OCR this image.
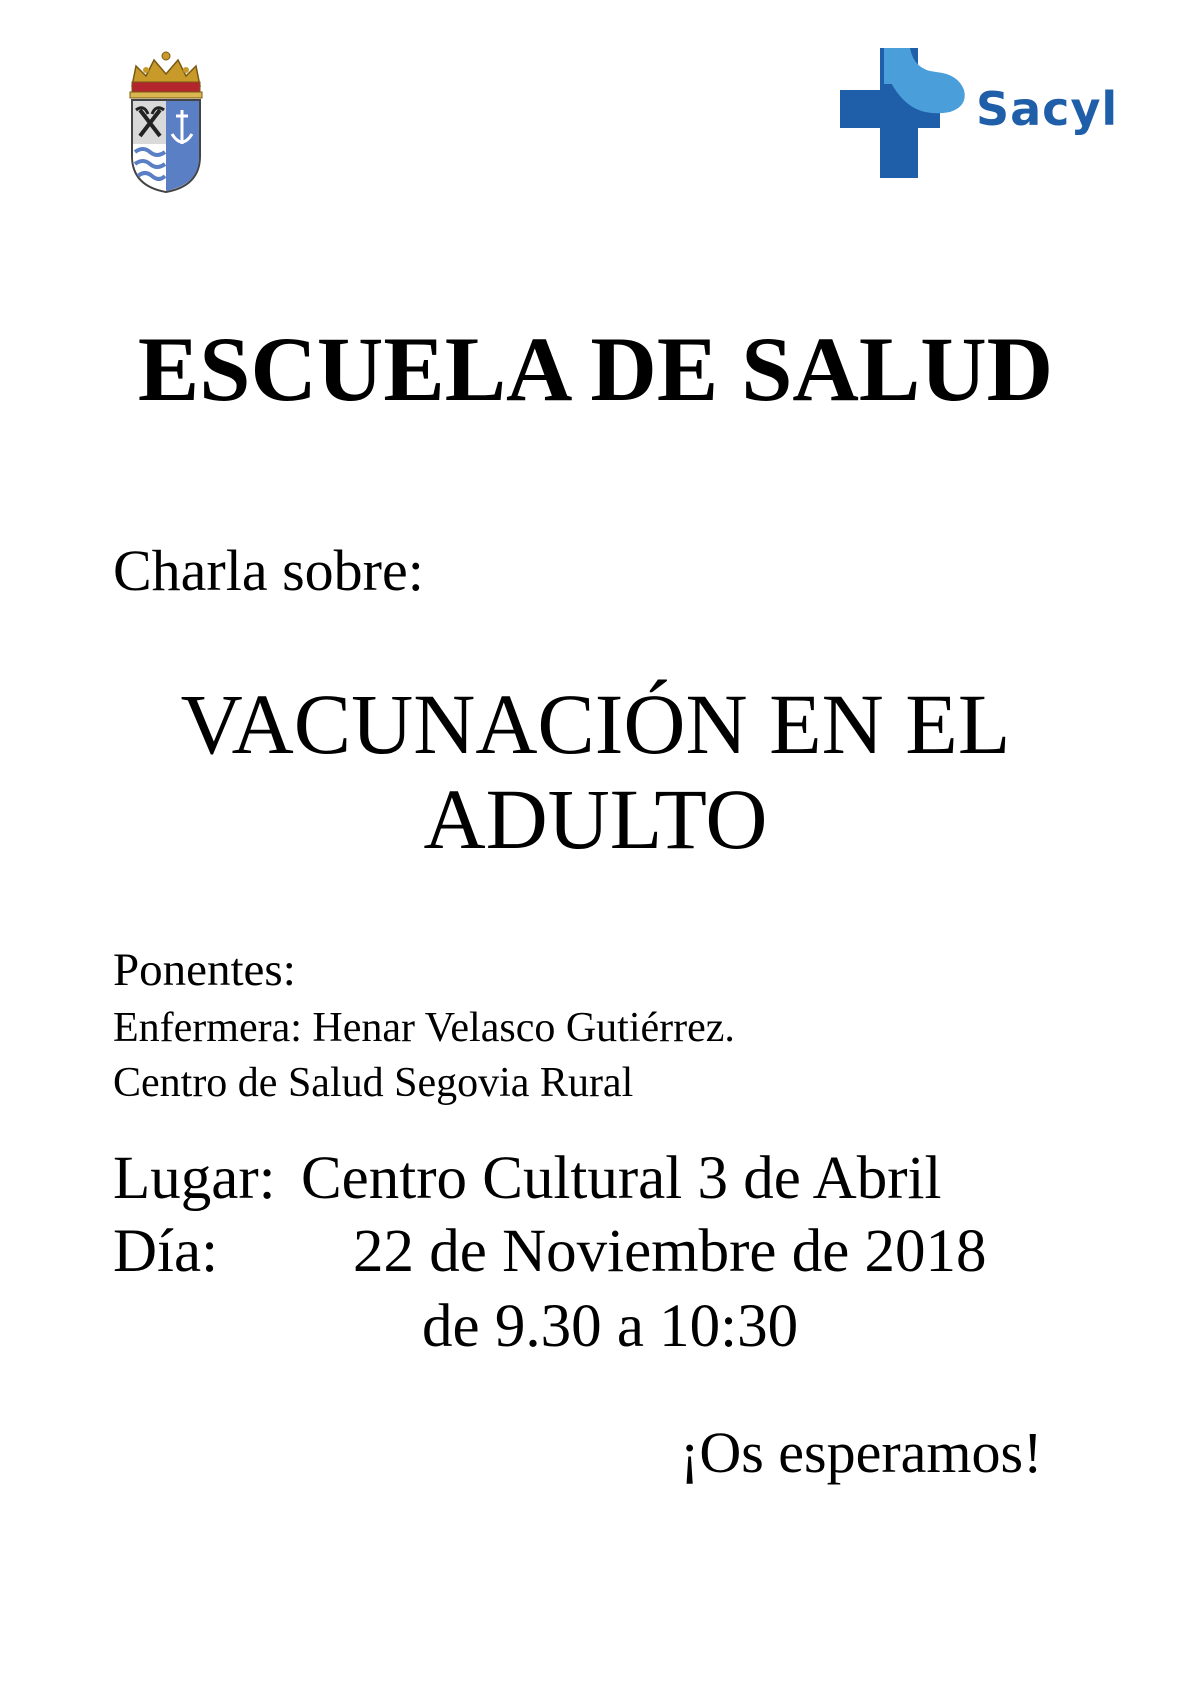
Sacyl
ESCUELA DE SALUD
Charla sobre:
VACUNACIÓN EN EL
ADULTO
Ponentes:
Enfermera: Henar Velasco Gutiérrez.
Centro de Salud Segovia Rural
Lugar: Centro Cultural 3 de Abril
Día: 22 de Noviembre de 2018
de 9.30 a 10:30
¡Os esperamos!
